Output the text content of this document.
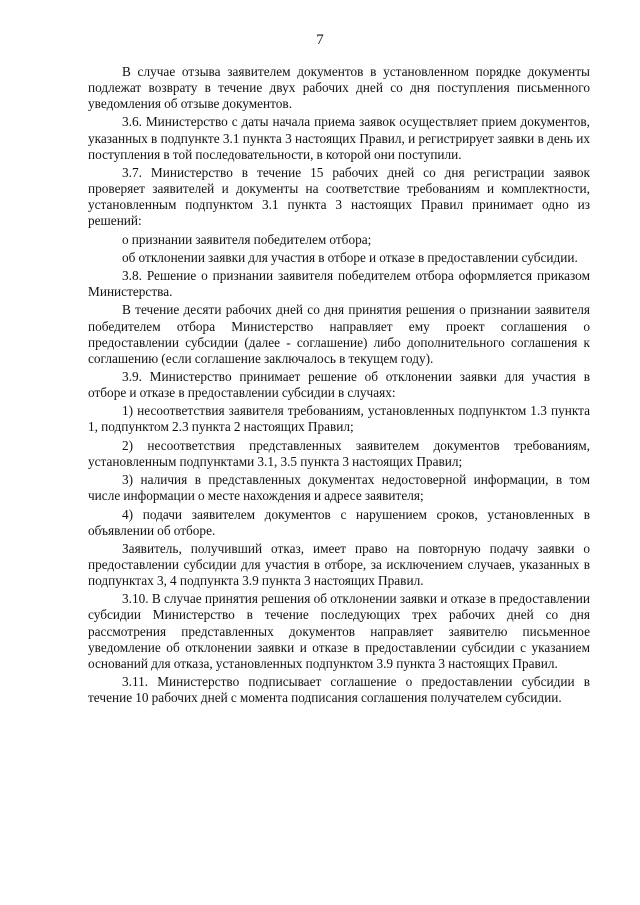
7

В случае отзыва заявителем документов в установленном порядке документы подлежат возврату в течение двух рабочих дней со дня поступления письменного уведомления об отзыве документов.

3.6. Министерство с даты начала приема заявок осуществляет прием документов, указанных в подпункте 3.1 пункта 3 настоящих Правил, и регистрирует заявки в день их поступления в той последовательности, в которой они поступили.

3.7. Министерство в течение 15 рабочих дней со дня регистрации заявок проверяет заявителей и документы на соответствие требованиям и комплектности, установленным подпунктом 3.1 пункта 3 настоящих Правил принимает одно из решений:

о признании заявителя победителем отбора;

об отклонении заявки для участия в отборе и отказе в предоставлении субсидии.

3.8. Решение о признании заявителя победителем отбора оформляется приказом Министерства.

В течение десяти рабочих дней со дня принятия решения о признании заявителя победителем отбора Министерство направляет ему проект соглашения о предоставлении субсидии (далее - соглашение) либо дополнительного соглашения к соглашению (если соглашение заключалось в текущем году).

3.9. Министерство принимает решение об отклонении заявки для участия в отборе и отказе в предоставлении субсидии в случаях:

1) несоответствия заявителя требованиям, установленных подпунктом 1.3 пункта 1, подпунктом 2.3 пункта 2 настоящих Правил;

2) несоответствия представленных заявителем документов требованиям, установленным подпунктами 3.1, 3.5 пункта 3 настоящих Правил;

3) наличия в представленных документах недостоверной информации, в том числе информации о месте нахождения и адресе заявителя;

4) подачи заявителем документов с нарушением сроков, установленных в объявлении об отборе.

Заявитель, получивший отказ, имеет право на повторную подачу заявки о предоставлении субсидии для участия в отборе, за исключением случаев, указанных в подпунктах 3, 4 подпункта 3.9 пункта 3 настоящих Правил.

3.10. В случае принятия решения об отклонении заявки и отказе в предоставлении субсидии Министерство в течение последующих трех рабочих дней со дня рассмотрения представленных документов направляет заявителю письменное уведомление об отклонении заявки и отказе в предоставлении субсидии с указанием оснований для отказа, установленных подпунктом 3.9 пункта 3 настоящих Правил.

3.11. Министерство подписывает соглашение о предоставлении субсидии в течение 10 рабочих дней с момента подписания соглашения получателем субсидии.
